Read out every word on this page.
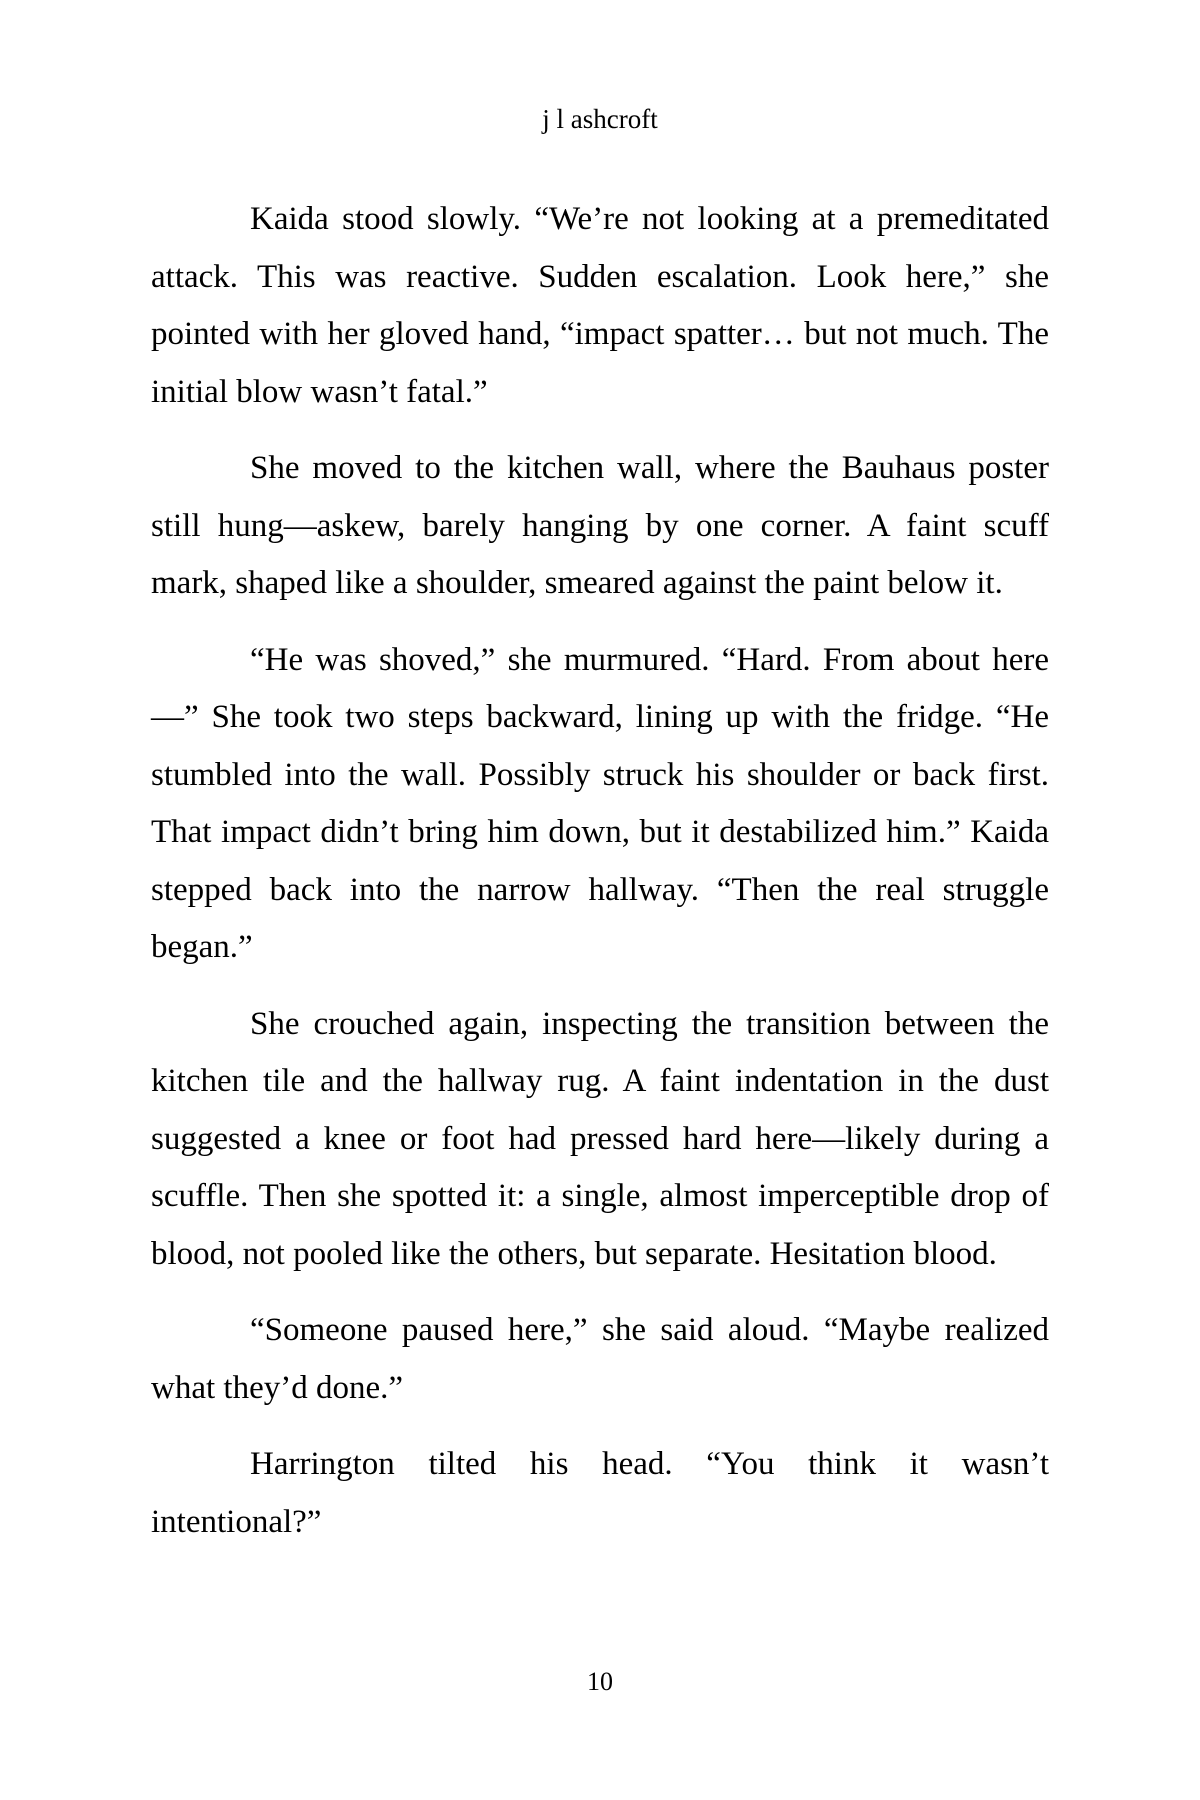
j l ashcroft

Kaida stood slowly. “We’re not looking at a premeditated attack. This was reactive. Sudden escalation. Look here,” she pointed with her gloved hand, “impact spatter… but not much. The initial blow wasn’t fatal.”

She moved to the kitchen wall, where the Bauhaus poster still hung—askew, barely hanging by one corner. A faint scuff mark, shaped like a shoulder, smeared against the paint below it.

“He was shoved,” she murmured. “Hard. From about here—” She took two steps backward, lining up with the fridge. “He stumbled into the wall. Possibly struck his shoulder or back first. That impact didn’t bring him down, but it destabilized him.” Kaida stepped back into the narrow hallway. “Then the real struggle began.”

She crouched again, inspecting the transition between the kitchen tile and the hallway rug. A faint indentation in the dust suggested a knee or foot had pressed hard here—likely during a scuffle. Then she spotted it: a single, almost imperceptible drop of blood, not pooled like the others, but separate. Hesitation blood.

“Someone paused here,” she said aloud. “Maybe realized what they’d done.”

Harrington tilted his head. “You think it wasn’t intentional?”

10
